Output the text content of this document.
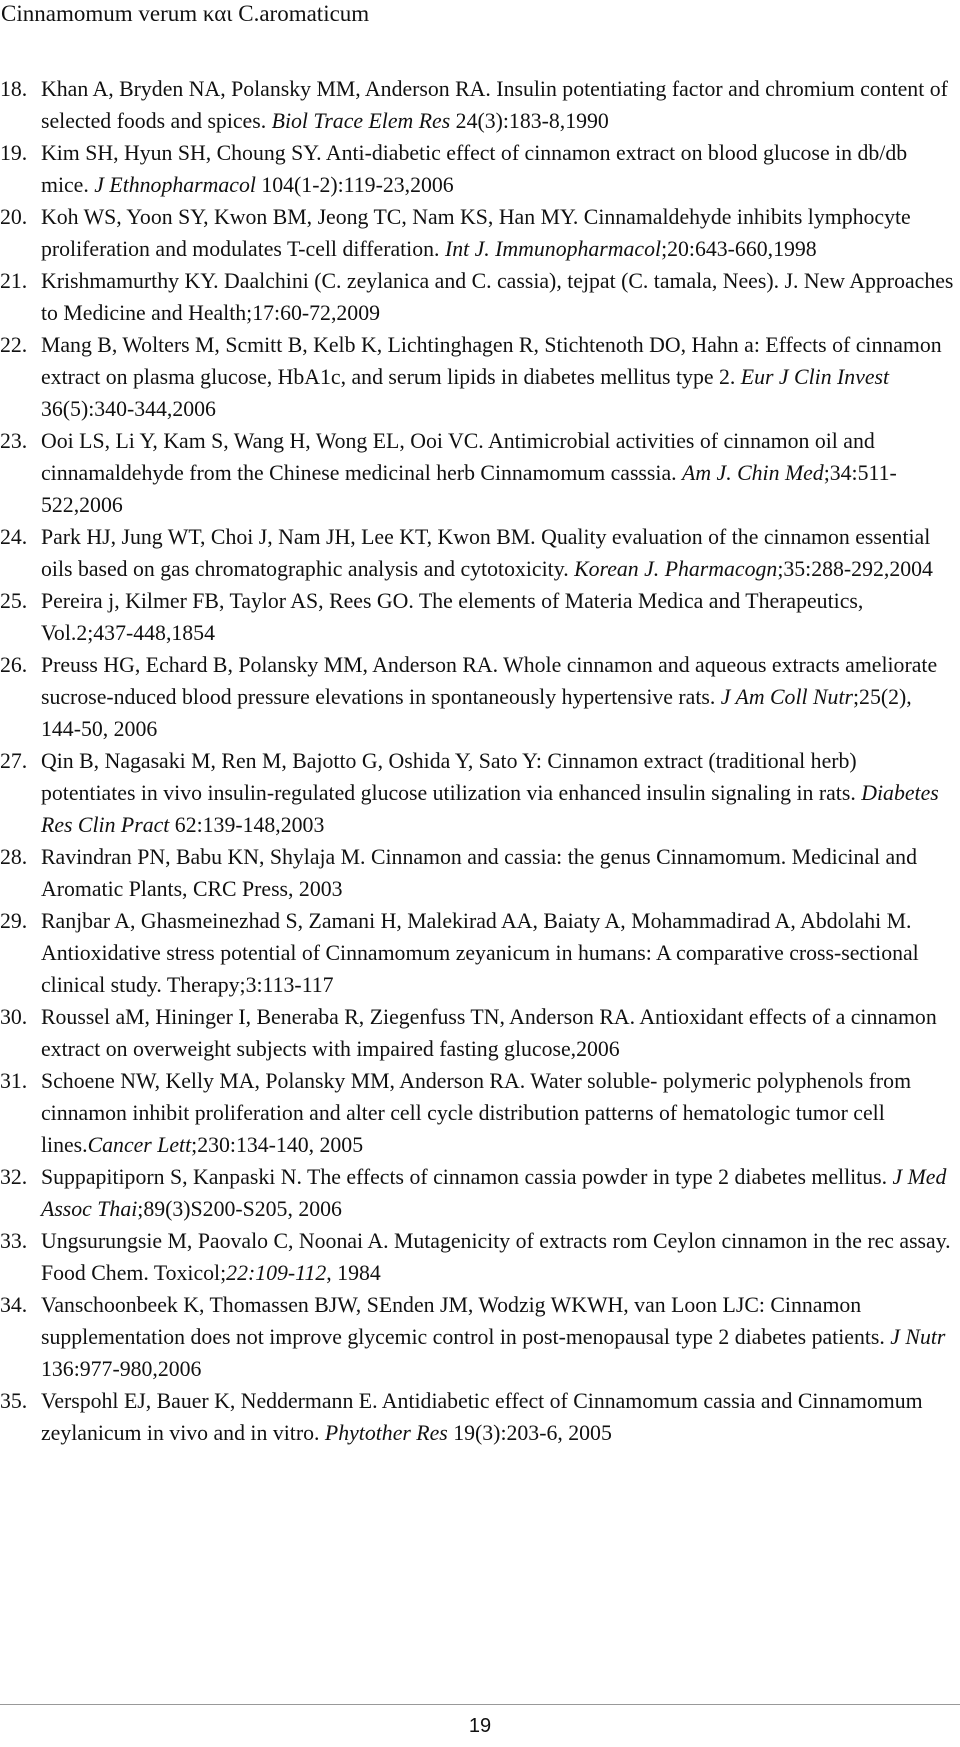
Cinnamomum verum και C.aromaticum
18. Khan A, Bryden NA, Polansky MM, Anderson RA. Insulin potentiating factor and chromium content of selected foods and spices. Biol Trace Elem Res 24(3):183-8,1990
19. Kim SH, Hyun SH, Choung SY. Anti-diabetic effect of cinnamon extract on blood glucose in db/db mice. J Ethnopharmacol 104(1-2):119-23,2006
20. Koh WS, Yoon SY, Kwon BM, Jeong TC, Nam KS, Han MY. Cinnamaldehyde inhibits lymphocyte proliferation and modulates T-cell differation. Int J. Immunopharmacol;20:643-660,1998
21. Krishmamurthy KY. Daalchini (C. zeylanica and C. cassia), tejpat (C. tamala, Nees). J. New Approaches to Medicine and Health;17:60-72,2009
22. Mang B, Wolters M, Scmitt B, Kelb K, Lichtinghagen R, Stichtenoth DO, Hahn a: Effects of cinnamon extract on plasma glucose, HbA1c, and serum lipids in diabetes mellitus type 2. Eur J Clin Invest 36(5):340-344,2006
23. Ooi LS, Li Y, Kam S, Wang H, Wong EL, Ooi VC. Antimicrobial activities of cinnamon oil and cinnamaldehyde from the Chinese medicinal herb Cinnamomum casssia. Am J. Chin Med;34:511-522,2006
24. Park HJ, Jung WT, Choi J, Nam JH, Lee KT, Kwon BM. Quality evaluation of the cinnamon essential oils based on gas chromatographic analysis and cytotoxicity. Korean J. Pharmacogn;35:288-292,2004
25. Pereira j, Kilmer FB, Taylor AS, Rees GO. The elements of Materia Medica and Therapeutics, Vol.2;437-448,1854
26. Preuss HG, Echard B, Polansky MM, Anderson RA. Whole cinnamon and aqueous extracts ameliorate sucrose-nduced blood pressure elevations in spontaneously hypertensive rats. J Am Coll Nutr;25(2), 144-50, 2006
27. Qin B, Nagasaki M, Ren M, Bajotto G, Oshida Y, Sato Y: Cinnamon extract (traditional herb) potentiates in vivo insulin-regulated glucose utilization via enhanced insulin signaling in rats. Diabetes Res Clin Pract 62:139-148,2003
28. Ravindran PN, Babu KN, Shylaja M. Cinnamon and cassia: the genus Cinnamomum. Medicinal and Aromatic Plants, CRC Press, 2003
29. Ranjbar A, Ghasmeinezhad S, Zamani H, Malekirad AA, Baiaty A, Mohammadirad A, Abdolahi M. Antioxidative stress potential of Cinnamomum zeyanicum in humans: A comparative cross-sectional clinical study. Therapy;3:113-117
30. Roussel aM, Hininger I, Beneraba R, Ziegenfuss TN, Anderson RA. Antioxidant effects of a cinnamon extract on overweight subjects with impaired fasting glucose,2006
31. Schoene NW, Kelly MA, Polansky MM, Anderson RA. Water soluble- polymeric polyphenols from cinnamon inhibit proliferation and alter cell cycle distribution patterns of hematologic tumor cell lines.Cancer Lett;230:134-140, 2005
32. Suppapitiporn S, Kanpaski N. The effects of cinnamon cassia powder in type 2 diabetes mellitus. J Med Assoc Thai;89(3)S200-S205, 2006
33. Ungsurungsie M, Paovalo C, Noonai A. Mutagenicity of extracts rom Ceylon cinnamon in the rec assay. Food Chem. Toxicol;22:109-112, 1984
34. Vanschoonbeek K, Thomassen BJW, SEnden JM, Wodzig WKWH, van Loon LJC: Cinnamon supplementation does not improve glycemic control in post-menopausal type 2 diabetes patients. J Nutr 136:977-980,2006
35. Verspohl EJ, Bauer K, Neddermann E. Antidiabetic effect of Cinnamomum cassia and Cinnamomum zeylanicum in vivo and in vitro. Phytother Res 19(3):203-6, 2005
19
